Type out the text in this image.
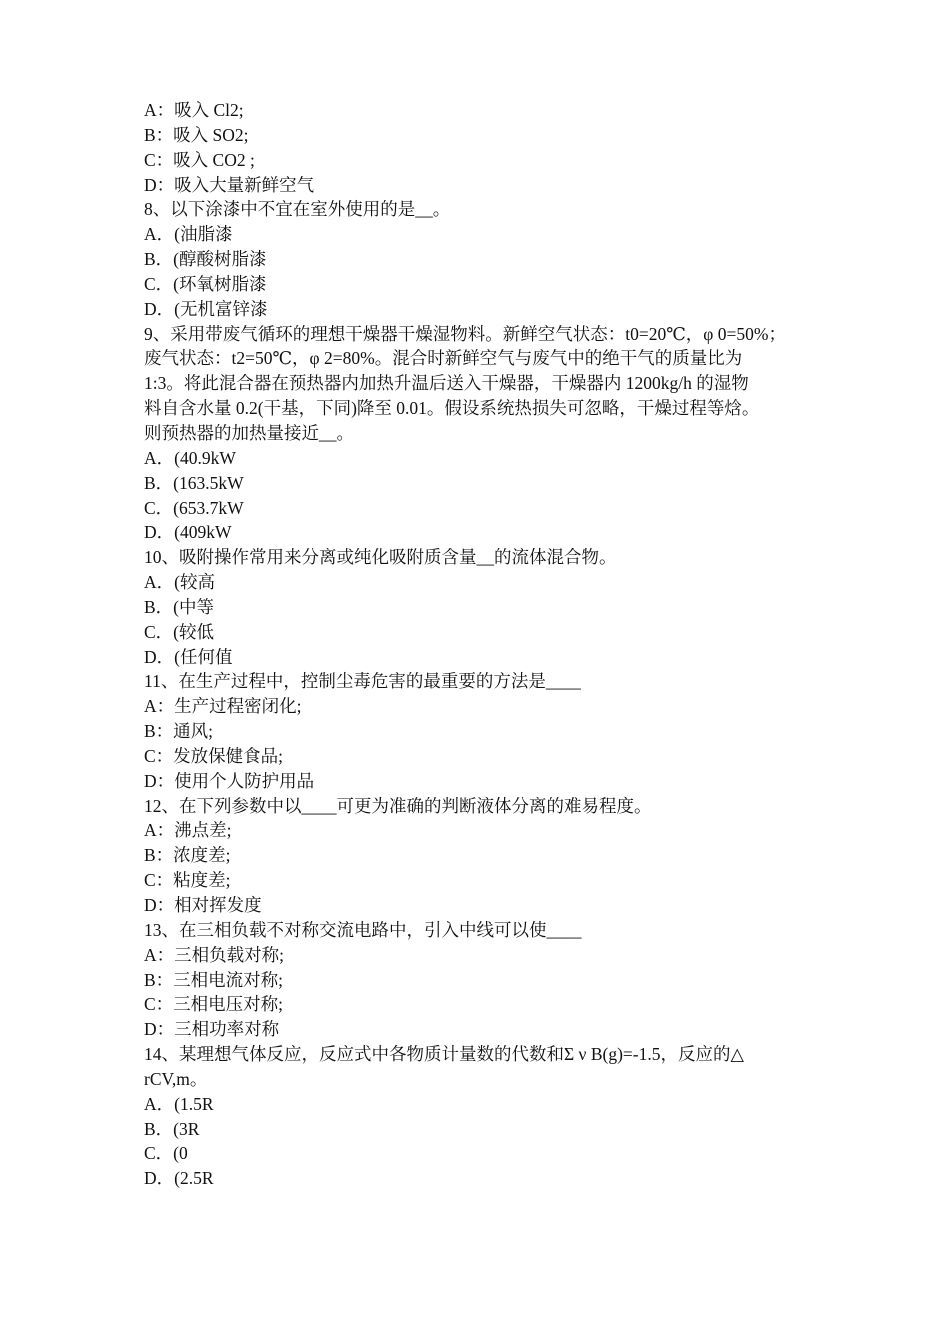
A：吸入 Cl2;
B：吸入 SO2;
C：吸入 CO2 ;
D：吸入大量新鲜空气
8、以下涂漆中不宜在室外使用的是__。
A．(油脂漆
B．(醇酸树脂漆
C．(环氧树脂漆
D．(无机富锌漆
9、采用带废气循环的理想干燥器干燥湿物料。新鲜空气状态：t0=20℃，φ 0=50%；
废气状态：t2=50℃，φ 2=80%。混合时新鲜空气与废气中的绝干气的质量比为
1:3。将此混合器在预热器内加热升温后送入干燥器，干燥器内 1200kg/h 的湿物
料自含水量 0.2(干基，下同)降至 0.01。假设系统热损失可忽略，干燥过程等焓。
则预热器的加热量接近__。
A．(40.9kW
B．(163.5kW
C．(653.7kW
D．(409kW
10、吸附操作常用来分离或纯化吸附质含量__的流体混合物。
A．(较高
B．(中等
C．(较低
D．(任何值
11、在生产过程中，控制尘毒危害的最重要的方法是____
A：生产过程密闭化;
B：通风;
C：发放保健食品;
D：使用个人防护用品
12、在下列参数中以____可更为准确的判断液体分离的难易程度。
A：沸点差;
B：浓度差;
C：粘度差;
D：相对挥发度
13、在三相负载不对称交流电路中，引入中线可以使____
A：三相负载对称;
B：三相电流对称;
C：三相电压对称;
D：三相功率对称
14、某理想气体反应，反应式中各物质计量数的代数和Σ ν B(g)=-1.5，反应的△
rCV,m。
A．(1.5R
B．(3R
C．(0
D．(2.5R
